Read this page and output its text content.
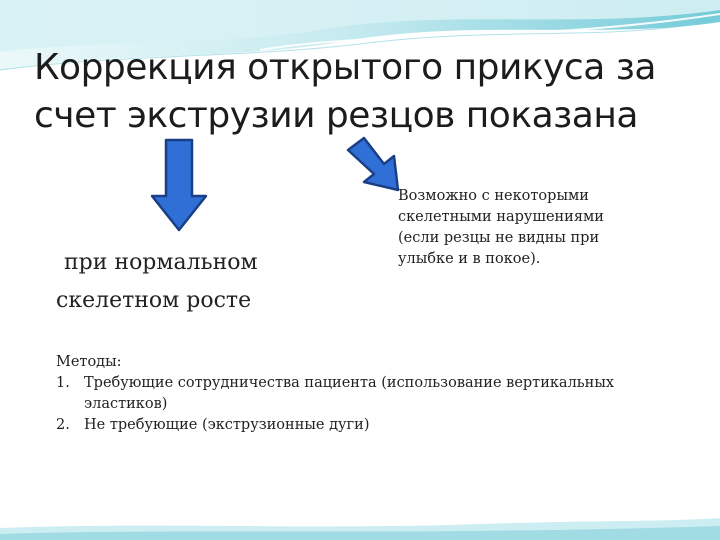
Коррекция открытого прикуса за
счет экструзии резцов показана
при нормальном
скелетном росте
Возможно с некоторыми
скелетными нарушениями
(если резцы не видны при
улыбке и в покое).
Методы:
1. Требующие сотрудничества пациента (использование вертикальных
эластиков)
2. Не требующие (экструзионные дуги)
